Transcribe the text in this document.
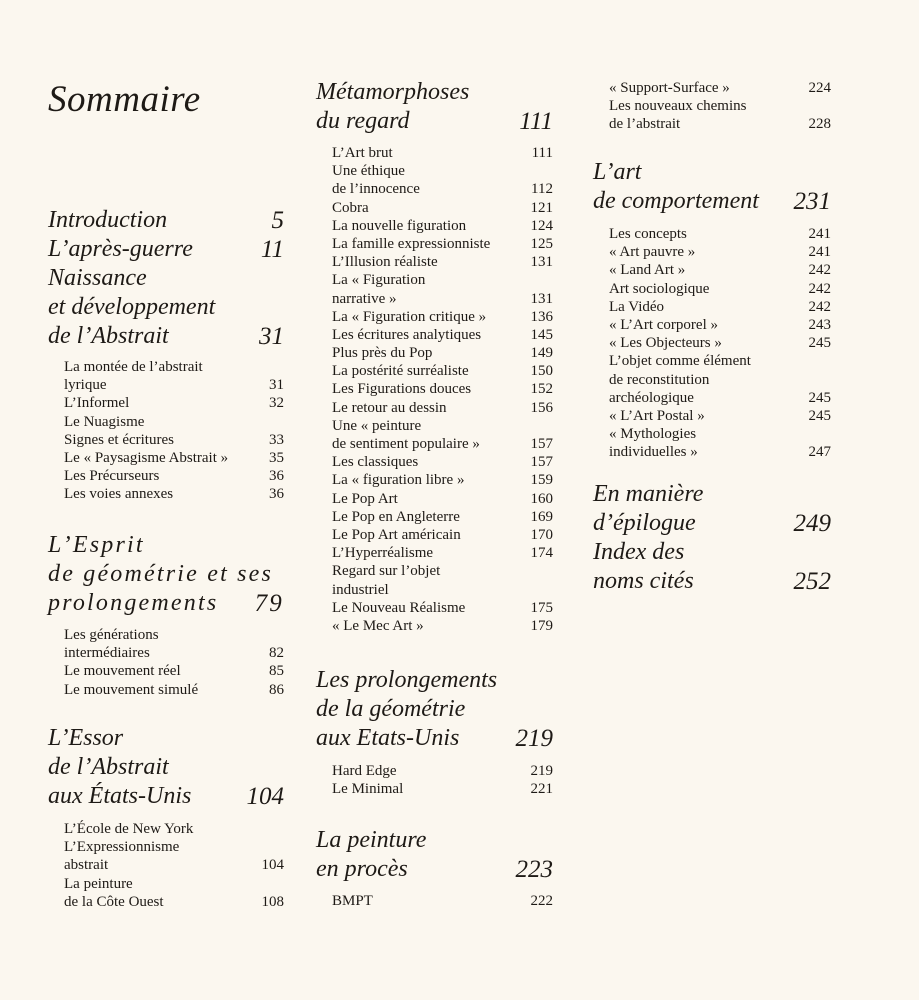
Sommaire
Introduction	5
L’après-guerre	11
Naissance
et développement
de l’Abstrait	31
La montée de l’abstrait
lyrique	31
L’Informel	32
Le Nuagisme
Signes et écritures	33
Le « Paysagisme Abstrait »	35
Les Précurseurs	36
Les voies annexes	36
L’Esprit
de géométrie et ses
prolongements 79
Les générations
intermédiaires	82
Le mouvement réel	85
Le mouvement simulé	86
L’Essor
de l’Abstrait
aux États-Unis 104
L’École de New York
L’Expressionnisme
abstrait	104
La peinture
de la Côte Ouest	108
Métamorphoses
du regard	111
L’Art brut	111
Une éthique
de l’innocence	112
Cobra	121
La nouvelle figuration	124
La famille expressionniste	125
L’Illusion réaliste	131
La « Figuration
narrative »	131
La « Figuration critique »	136
Les écritures analytiques	145
Plus près du Pop	149
La postérité surréaliste	150
Les Figurations douces	152
Le retour au dessin	156
Une « peinture
de sentiment populaire »	157
Les classiques	157
La « figuration libre »	159
Le Pop Art	160
Le Pop en Angleterre	169
Le Pop Art américain	170
L’Hyperréalisme	174
Regard sur l’objet
industriel
Le Nouveau Réalisme	175
« Le Mec Art »	179
Les prolongements
de la géométrie
aux Etats-Unis 219
Hard Edge	219
Le Minimal	221
La peinture
en procès	223
BMPT	222
« Support-Surface »	224
Les nouveaux chemins
de l’abstrait	228
L’art
de comportement 231
Les concepts	241
« Art pauvre »	241
« Land Art »	242
Art sociologique	242
La Vidéo	242
« L’Art corporel »	243
« Les Objecteurs »	245
L’objet comme élément
de reconstitution
archéologique	245
« L’Art Postal »	245
« Mythologies
individuelles »	247
En manière
d’épilogue	249
Index des
noms cités	252
